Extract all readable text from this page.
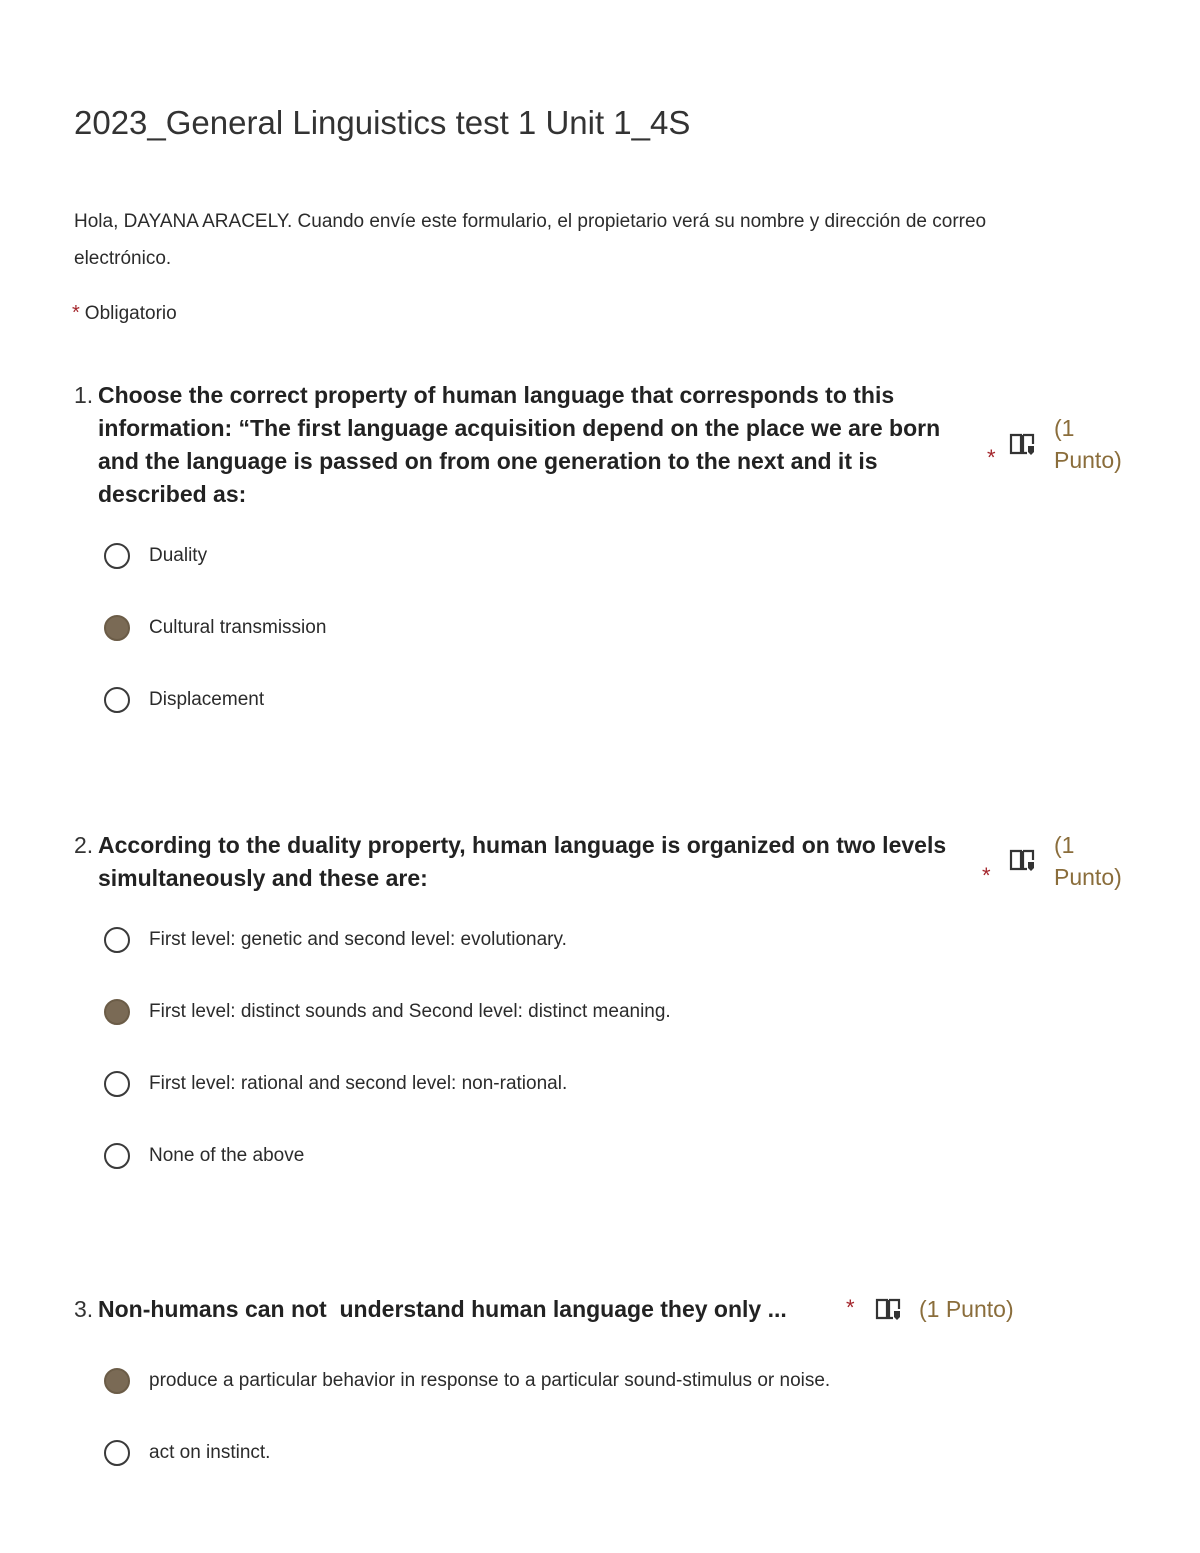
2023_General Linguistics test 1 Unit 1_4S

Hola, DAYANA ARACELY. Cuando envíe este formulario, el propietario verá su nombre y dirección de correo electrónico.

* Obligatorio
1. Choose the correct property of human language that corresponds to this information: “The first language acquisition depend on the place we are born and the language is passed on from one generation to the next and it is described as:

*

(1 Punto)

Duality
Cultural transmission
Displacement
2. According to the duality property, human language is organized on two levels simultaneously and these are:	*

(1 Punto)

First level: genetic and second level: evolutionary.
First level: distinct sounds and Second level: distinct meaning.
First level: rational and second level: non-rational.
None of the above
3. Non-humans can not  understand human language they only ...	*	(1 Punto)

produce a particular behavior in response to a particular sound-stimulus or noise.
act on instinct.
